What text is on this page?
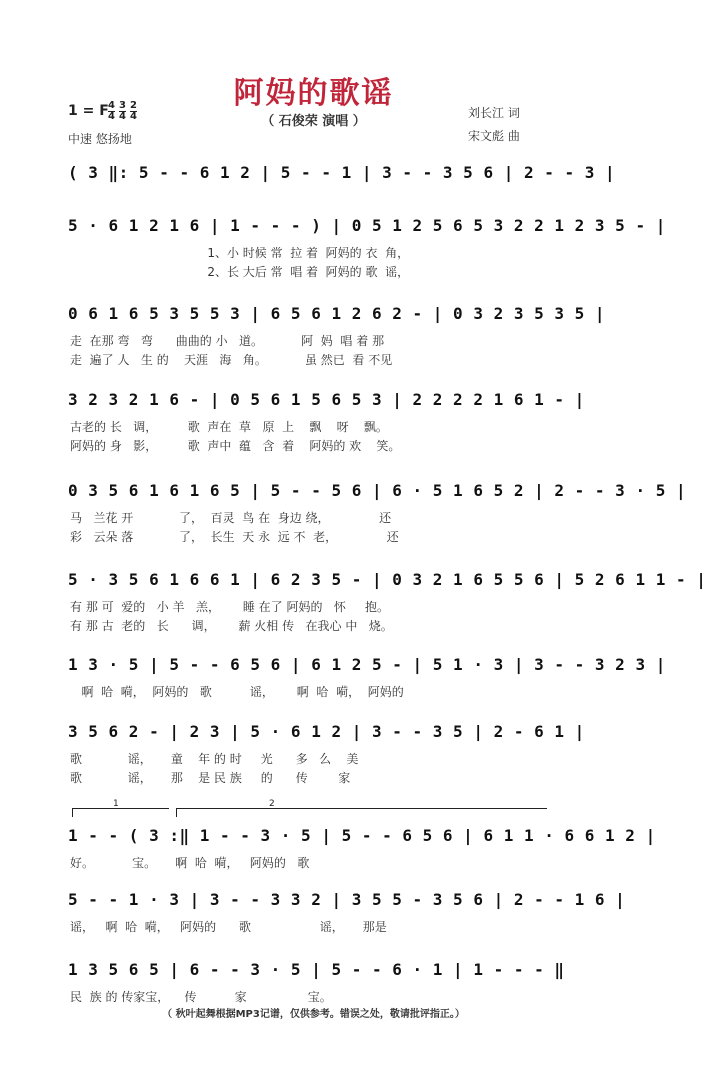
阿妈的歌谣
（ 石俊荣 演唱 ）
1 = F 4
4
3
4
2
4
中速 悠扬地
刘长江 词
宋文彪 曲
( 3 ‖: 5 - - 6 1 2 | 5 - - 1 | 3 - - 3 5 6 | 2 - - 3 |
5 · 6 1 2 1 6 | 1 - - - ) | 0 5 1 2 5 6 5 3 2 2 1 2 3 5 - |
1、小 时候 常  拉 着  阿妈的 衣  角，
2、长 大后 常  唱 着  阿妈的 歌  谣，
0 6 1 6 5 3 5 5 3 | 6 5 6 1 2 6 2 - | 0 3 2 3 5 3 5 |
走  在那 弯   弯      曲曲的 小   道。          阿  妈  唱 着 那
走  遍了 人   生 的    天涯   海   角。          虽 然已  看 不见
3 2 3 2 1 6 - | 0 5 6 1 5 6 5 3 | 2 2 2 2 1 6 1 - |
古老的 长   调，        歌  声在  草   原  上    飘    呀    飘。
阿妈的 身   影，        歌  声中  蕴   含  着    阿妈的 欢    笑。
0 3 5 6 1 6 1 6 5 | 5 - - 5 6 | 6 · 5 1 6 5 2 | 2 - - 3 · 5 |
马   兰花 开            了，  百灵  鸟 在  身边 绕，             还
彩   云朵 落            了，  长生  天 永  远 不  老，             还
5 · 3 5 6 1 6 6 1 | 6 2 3 5 - | 0 3 2 1 6 5 5 6 | 5 2 6 1 1 - |
有 那 可  爱的   小 羊   羔，      睡 在了 阿妈的   怀     抱。
有 那 古  老的   长      调，      薪 火相 传   在我心 中   烧。
1 3 · 5 | 5 - - 6 5 6 | 6 1 2 5 - | 5 1 · 3 | 3 - - 3 2 3 |
啊  哈  嗬，  阿妈的   歌          谣，      啊  哈  嗬，  阿妈的
3 5 6 2 - | 2 3 | 5 · 6 1 2 | 3 - - 3 5 | 2 - 6 1 |
歌            谣，     童    年 的 时     光      多   么    美
歌            谣，     那    是 民 族     的      传        家
1 - - ( 3 :‖ 1 - - 3 · 5 | 5 - - 6 5 6 | 6 1 1 · 6 6 1 2 |
好。          宝。     啊  哈  嗬，   阿妈的   歌
5 - - 1 · 3 | 3 - - 3 3 2 | 3 5 5 - 3 5 6 | 2 - - 1 6 |
谣，   啊  哈  嗬，   阿妈的      歌                  谣，     那是
1 3 5 6 5 | 6 - - 3 · 5 | 5 - - 6 · 1 | 1 - - - ‖
民  族 的 传家宝，    传          家                宝。
1	2
（ 秋叶起舞根据MP3记谱，仅供参考。错误之处，敬请批评指正。）
